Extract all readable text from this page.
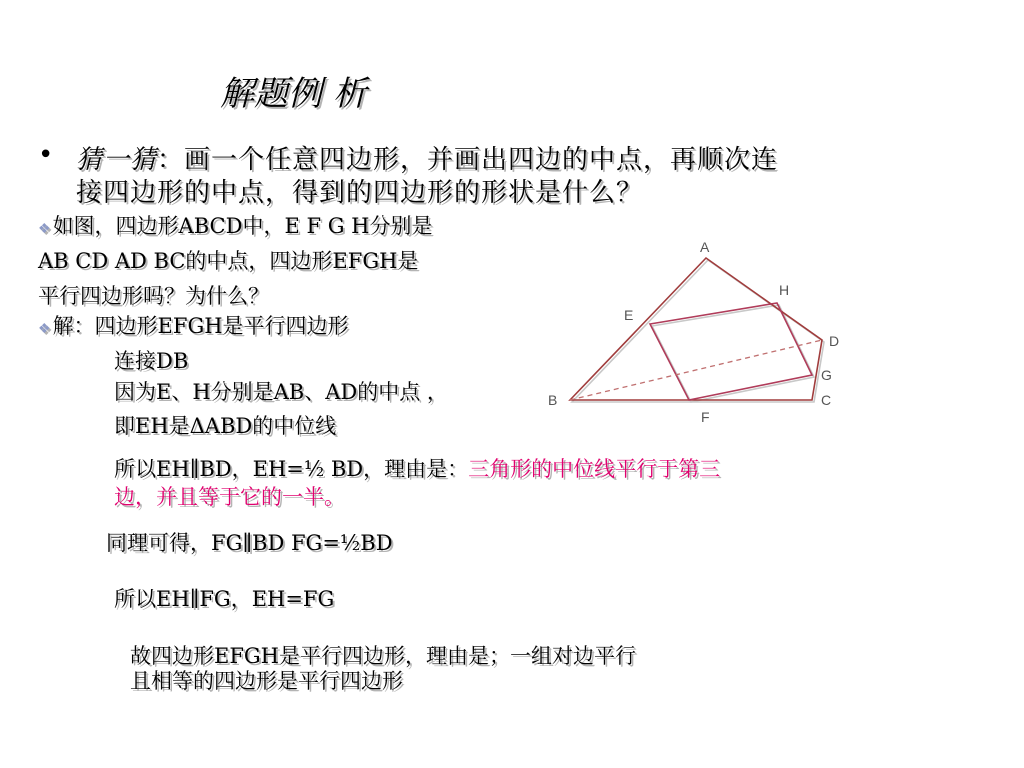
解题例 析
• 猜一猜：画一个任意四边形，并画出四边的中点，再顺次连
接四边形的中点，得到的四边形的形状是什么？
❖如图，四边形ABCD中，E F G H分别是
AB CD AD BC的中点，四边形EFGH是
平行四边形吗？为什么？
❖解：四边形EFGH是平行四边形
连接DB
因为E、H分别是AB、AD的中点 ，
即EH是ΔABD的中位线
所以EH∥BD，EH=½ BD，理由是：三角形的中位线平行于第三
边，并且等于它的一半。
同理可得，FG∥BD FG=½BD
所以EH∥FG，EH=FG
故四边形EFGH是平行四边形，理由是；一组对边平行
且相等的四边形是平行四边形
A
H
E
D
G
B	C
F
